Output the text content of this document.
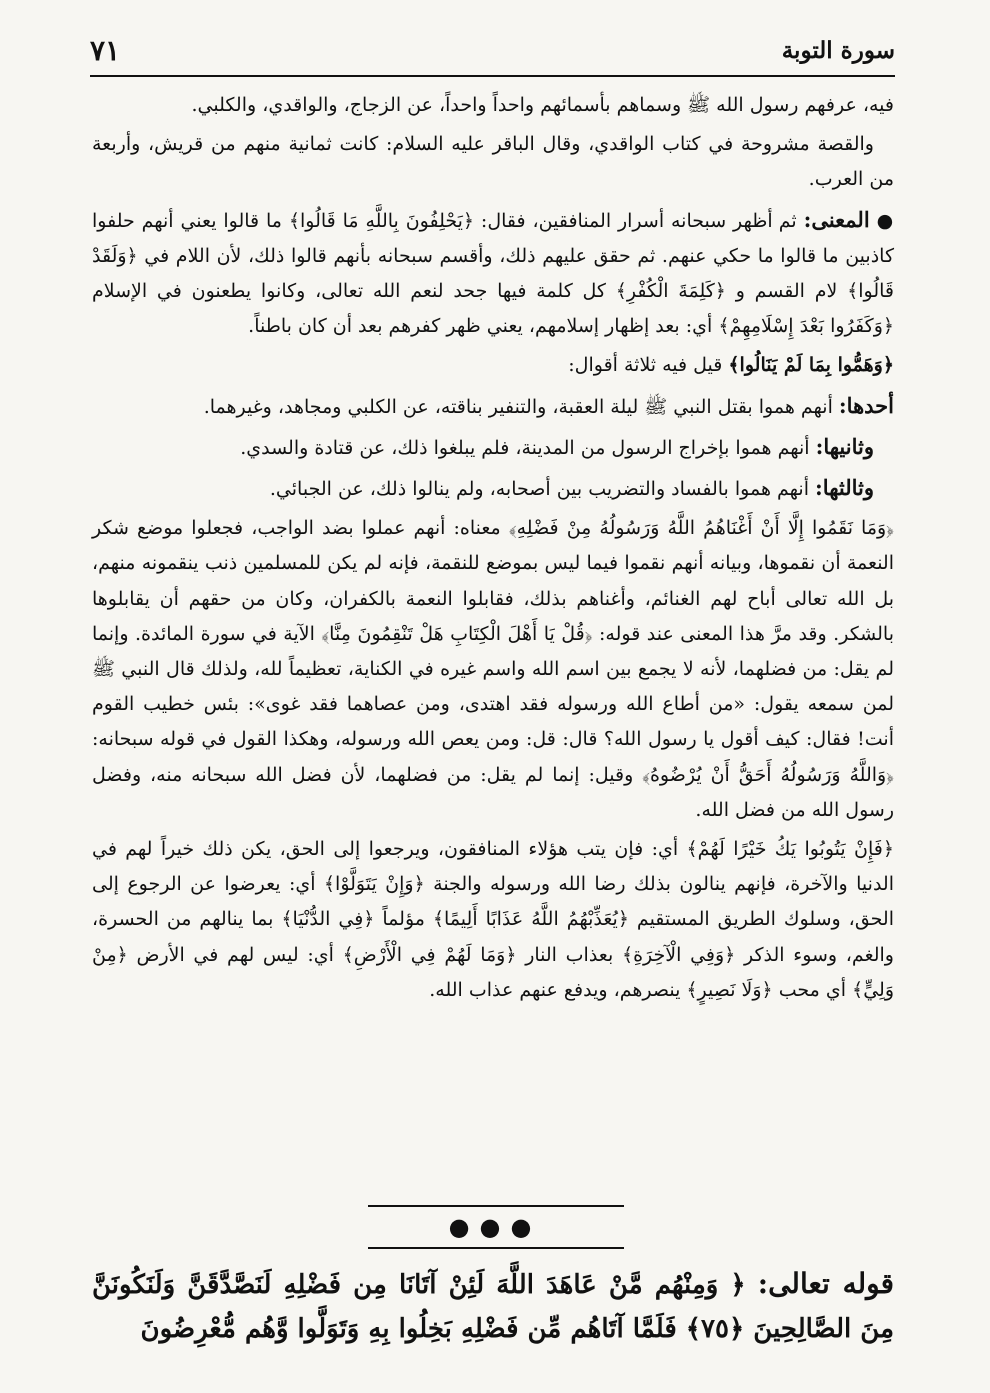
سورة التوبة
٧١

فيه، عرفهم رسول الله ﷺ وسماهم بأسمائهم واحداً واحداً، عن الزجاج، والواقدي، والكلبي.

والقصة مشروحة في كتاب الواقدي، وقال الباقر عليه السلام: كانت ثمانية منهم من قريش، وأربعة من العرب.

● المعنى: ثم أظهر سبحانه أسرار المنافقين، فقال: ﴿يَحْلِفُونَ بِاللَّهِ مَا قَالُوا﴾ ما قالوا يعني أنهم حلفوا كاذبين ما قالوا ما حكي عنهم. ثم حقق عليهم ذلك، وأقسم سبحانه بأنهم قالوا ذلك، لأن اللام في ﴿وَلَقَدْ قَالُوا﴾ لام القسم و ﴿كَلِمَةَ الْكُفْرِ﴾ كل كلمة فيها جحد لنعم الله تعالى، وكانوا يطعنون في الإسلام ﴿وَكَفَرُوا بَعْدَ إِسْلَامِهِمْ﴾ أي: بعد إظهار إسلامهم، يعني ظهر كفرهم بعد أن كان باطناً.

﴿وَهَمُّوا بِمَا لَمْ يَنَالُوا﴾ قيل فيه ثلاثة أقوال:

أحدها: أنهم هموا بقتل النبي ﷺ ليلة العقبة، والتنفير بناقته، عن الكلبي ومجاهد، وغيرهما.

وثانيها: أنهم هموا بإخراج الرسول من المدينة، فلم يبلغوا ذلك، عن قتادة والسدي.

وثالثها: أنهم هموا بالفساد والتضريب بين أصحابه، ولم ينالوا ذلك، عن الجبائي.

﴿وَمَا نَقَمُوا إِلَّا أَنْ أَغْنَاهُمُ اللَّهُ وَرَسُولُهُ مِنْ فَضْلِهِ﴾ معناه: أنهم عملوا بضد الواجب، فجعلوا موضع شكر النعمة أن نقموها، وبيانه أنهم نقموا فيما ليس بموضع للنقمة، فإنه لم يكن للمسلمين ذنب ينقمونه منهم، بل الله تعالى أباح لهم الغنائم، وأغناهم بذلك، فقابلوا النعمة بالكفران، وكان من حقهم أن يقابلوها بالشكر. وقد مرَّ هذا المعنى عند قوله: ﴿قُلْ يَا أَهْلَ الْكِتَابِ هَلْ تَنْقِمُونَ مِنَّا﴾ الآية في سورة المائدة. وإنما لم يقل: من فضلهما، لأنه لا يجمع بين اسم الله واسم غيره في الكناية، تعظيماً لله، ولذلك قال النبي ﷺ لمن سمعه يقول: «من أطاع الله ورسوله فقد اهتدى، ومن عصاهما فقد غوى»: بئس خطيب القوم أنت! فقال: كيف أقول يا رسول الله؟ قال: قل: ومن يعص الله ورسوله، وهكذا القول في قوله سبحانه: ﴿وَاللَّهُ وَرَسُولُهُ أَحَقُّ أَنْ يُرْضُوهُ﴾ وقيل: إنما لم يقل: من فضلهما، لأن فضل الله سبحانه منه، وفضل رسول الله من فضل الله.

﴿فَإِنْ يَتُوبُوا يَكُ خَيْرًا لَهُمْ﴾ أي: فإن يتب هؤلاء المنافقون، ويرجعوا إلى الحق، يكن ذلك خيراً لهم في الدنيا والآخرة، فإنهم ينالون بذلك رضا الله ورسوله والجنة ﴿وَإِنْ يَتَوَلَّوْا﴾ أي: يعرضوا عن الرجوع إلى الحق، وسلوك الطريق المستقيم ﴿يُعَذِّبْهُمُ اللَّهُ عَذَابًا أَلِيمًا﴾ مؤلماً ﴿فِي الدُّنْيَا﴾ بما ينالهم من الحسرة، والغم، وسوء الذكر ﴿وَفِي الْآخِرَةِ﴾ بعذاب النار ﴿وَمَا لَهُمْ فِي الْأَرْضِ﴾ أي: ليس لهم في الأرض ﴿مِنْ وَلِيٍّ﴾ أي محب ﴿وَلَا نَصِيرٍ﴾ ينصرهم، ويدفع عنهم عذاب الله.

●●●
قوله تعالى: ﴿ وَمِنْهُم مَّنْ عَاهَدَ اللَّهَ لَئِنْ آتَانَا مِن فَضْلِهِ لَنَصَّدَّقَنَّ وَلَنَكُونَنَّ مِنَ الصَّالِحِينَ ﴿٧٥﴾ فَلَمَّا آتَاهُم مِّن فَضْلِهِ بَخِلُوا بِهِ وَتَوَلَّوا وَّهُم مُّعْرِضُونَ
